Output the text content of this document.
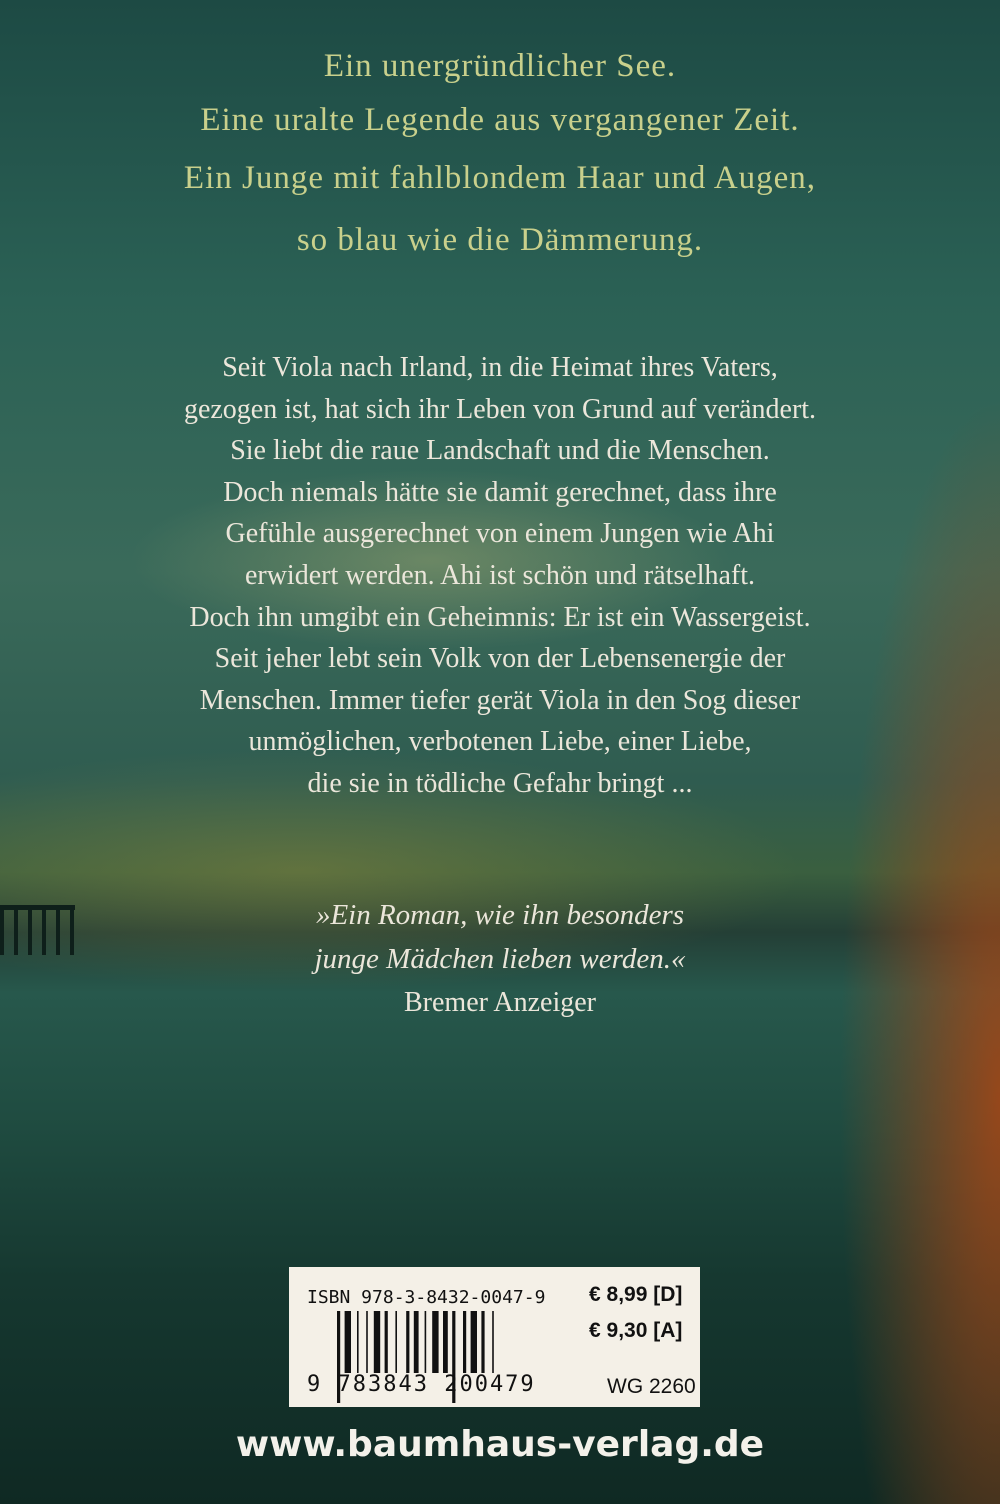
Ein unergründlicher See.
Eine uralte Legende aus vergangener Zeit.
Ein Junge mit fahlblondem Haar und Augen,
so blau wie die Dämmerung.
Seit Viola nach Irland, in die Heimat ihres Vaters,
gezogen ist, hat sich ihr Leben von Grund auf verändert.
Sie liebt die raue Landschaft und die Menschen.
Doch niemals hätte sie damit gerechnet, dass ihre
Gefühle ausgerechnet von einem Jungen wie Ahi
erwidert werden. Ahi ist schön und rätselhaft.
Doch ihn umgibt ein Geheimnis: Er ist ein Wassergeist.
Seit jeher lebt sein Volk von der Lebensenergie der
Menschen. Immer tiefer gerät Viola in den Sog dieser
unmöglichen, verbotenen Liebe, einer Liebe,
die sie in tödliche Gefahr bringt ...
»Ein Roman, wie ihn besonders
junge Mädchen lieben werden.«
Bremer Anzeiger
ISBN 978-3-8432-0047-9
9 783843 200479
€ 8,99 [D]
€ 9,30 [A]
WG 2260
www.baumhaus-verlag.de
